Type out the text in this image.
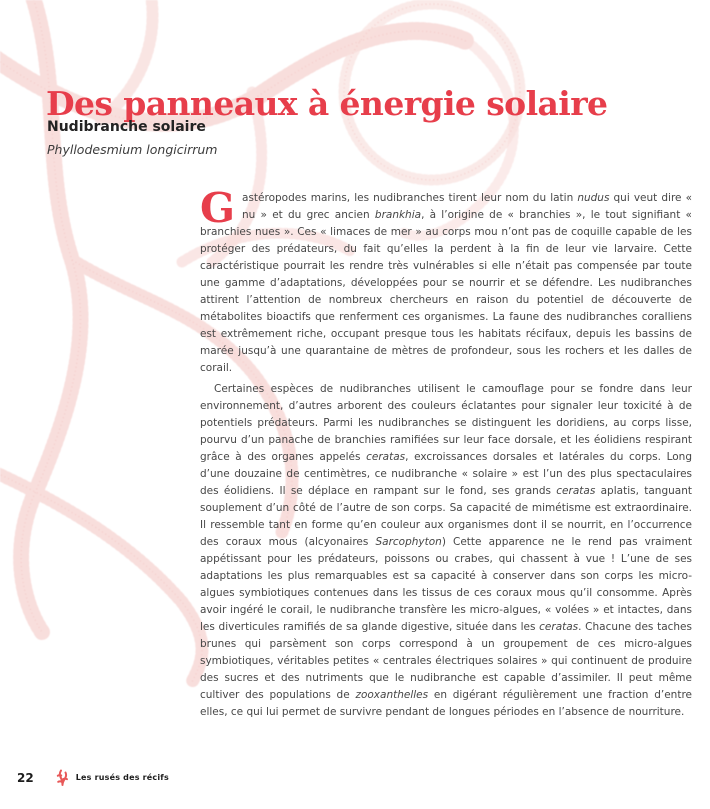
Des panneaux à énergie solaire
Nudibranche solaire
Phyllodesmium longicirrum

Gastéropodes marins, les nudibranches tirent leur nom du latin nudus qui veut dire « nu » et du grec ancien brankhia, à l’origine de « branchies », le tout signifiant « branchies nues ». Ces « limaces de mer » au corps mou n’ont pas de coquille capable de les protéger des prédateurs, du fait qu’elles la perdent à la fin de leur vie larvaire. Cette caractéristique pourrait les rendre très vulnérables si elle n’était pas compensée par toute une gamme d’adaptations, développées pour se nourrir et se défendre. Les nudibranches attirent l’attention de nombreux chercheurs en raison du potentiel de découverte de métabolites bioactifs que renferment ces organismes. La faune des nudibranches coralliens est extrêmement riche, occupant presque tous les habitats récifaux, depuis les bassins de marée jusqu’à une quarantaine de mètres de profondeur, sous les rochers et les dalles de corail.

Certaines espèces de nudibranches utilisent le camouflage pour se fondre dans leur environnement, d’autres arborent des couleurs éclatantes pour signaler leur toxicité à de potentiels prédateurs. Parmi les nudibranches se distinguent les doridiens, au corps lisse, pourvu d’un panache de branchies ramifiées sur leur face dorsale, et les éolidiens respirant grâce à des organes appelés ceratas, excroissances dorsales et latérales du corps. Long d’une douzaine de centimètres, ce nudibranche « solaire » est l’un des plus spectaculaires des éolidiens. Il se déplace en rampant sur le fond, ses grands ceratas aplatis, tanguant souplement d’un côté de l’autre de son corps. Sa capacité de mimétisme est extraordinaire. Il ressemble tant en forme qu’en couleur aux organismes dont il se nourrit, en l’occurrence des coraux mous (alcyonaires Sarcophyton) Cette apparence ne le rend pas vraiment appétissant pour les prédateurs, poissons ou crabes, qui chassent à vue ! L’une de ses adaptations les plus remarquables est sa capacité à conserver dans son corps les micro-algues symbiotiques contenues dans les tissus de ces coraux mous qu’il consomme. Après avoir ingéré le corail, le nudibranche transfère les micro-algues, « volées » et intactes, dans les diverticules ramifiés de sa glande digestive, située dans les ceratas. Chacune des taches brunes qui parsèment son corps correspond à un groupement de ces micro-algues symbiotiques, véritables petites « centrales électriques solaires » qui continuent de produire des sucres et des nutriments que le nudibranche est capable d’assimiler. Il peut même cultiver des populations de zooxanthelles en digérant régulièrement une fraction d’entre elles, ce qui lui permet de survivre pendant de longues périodes en l’absence de nourriture.

22	Les rusés des récifs
